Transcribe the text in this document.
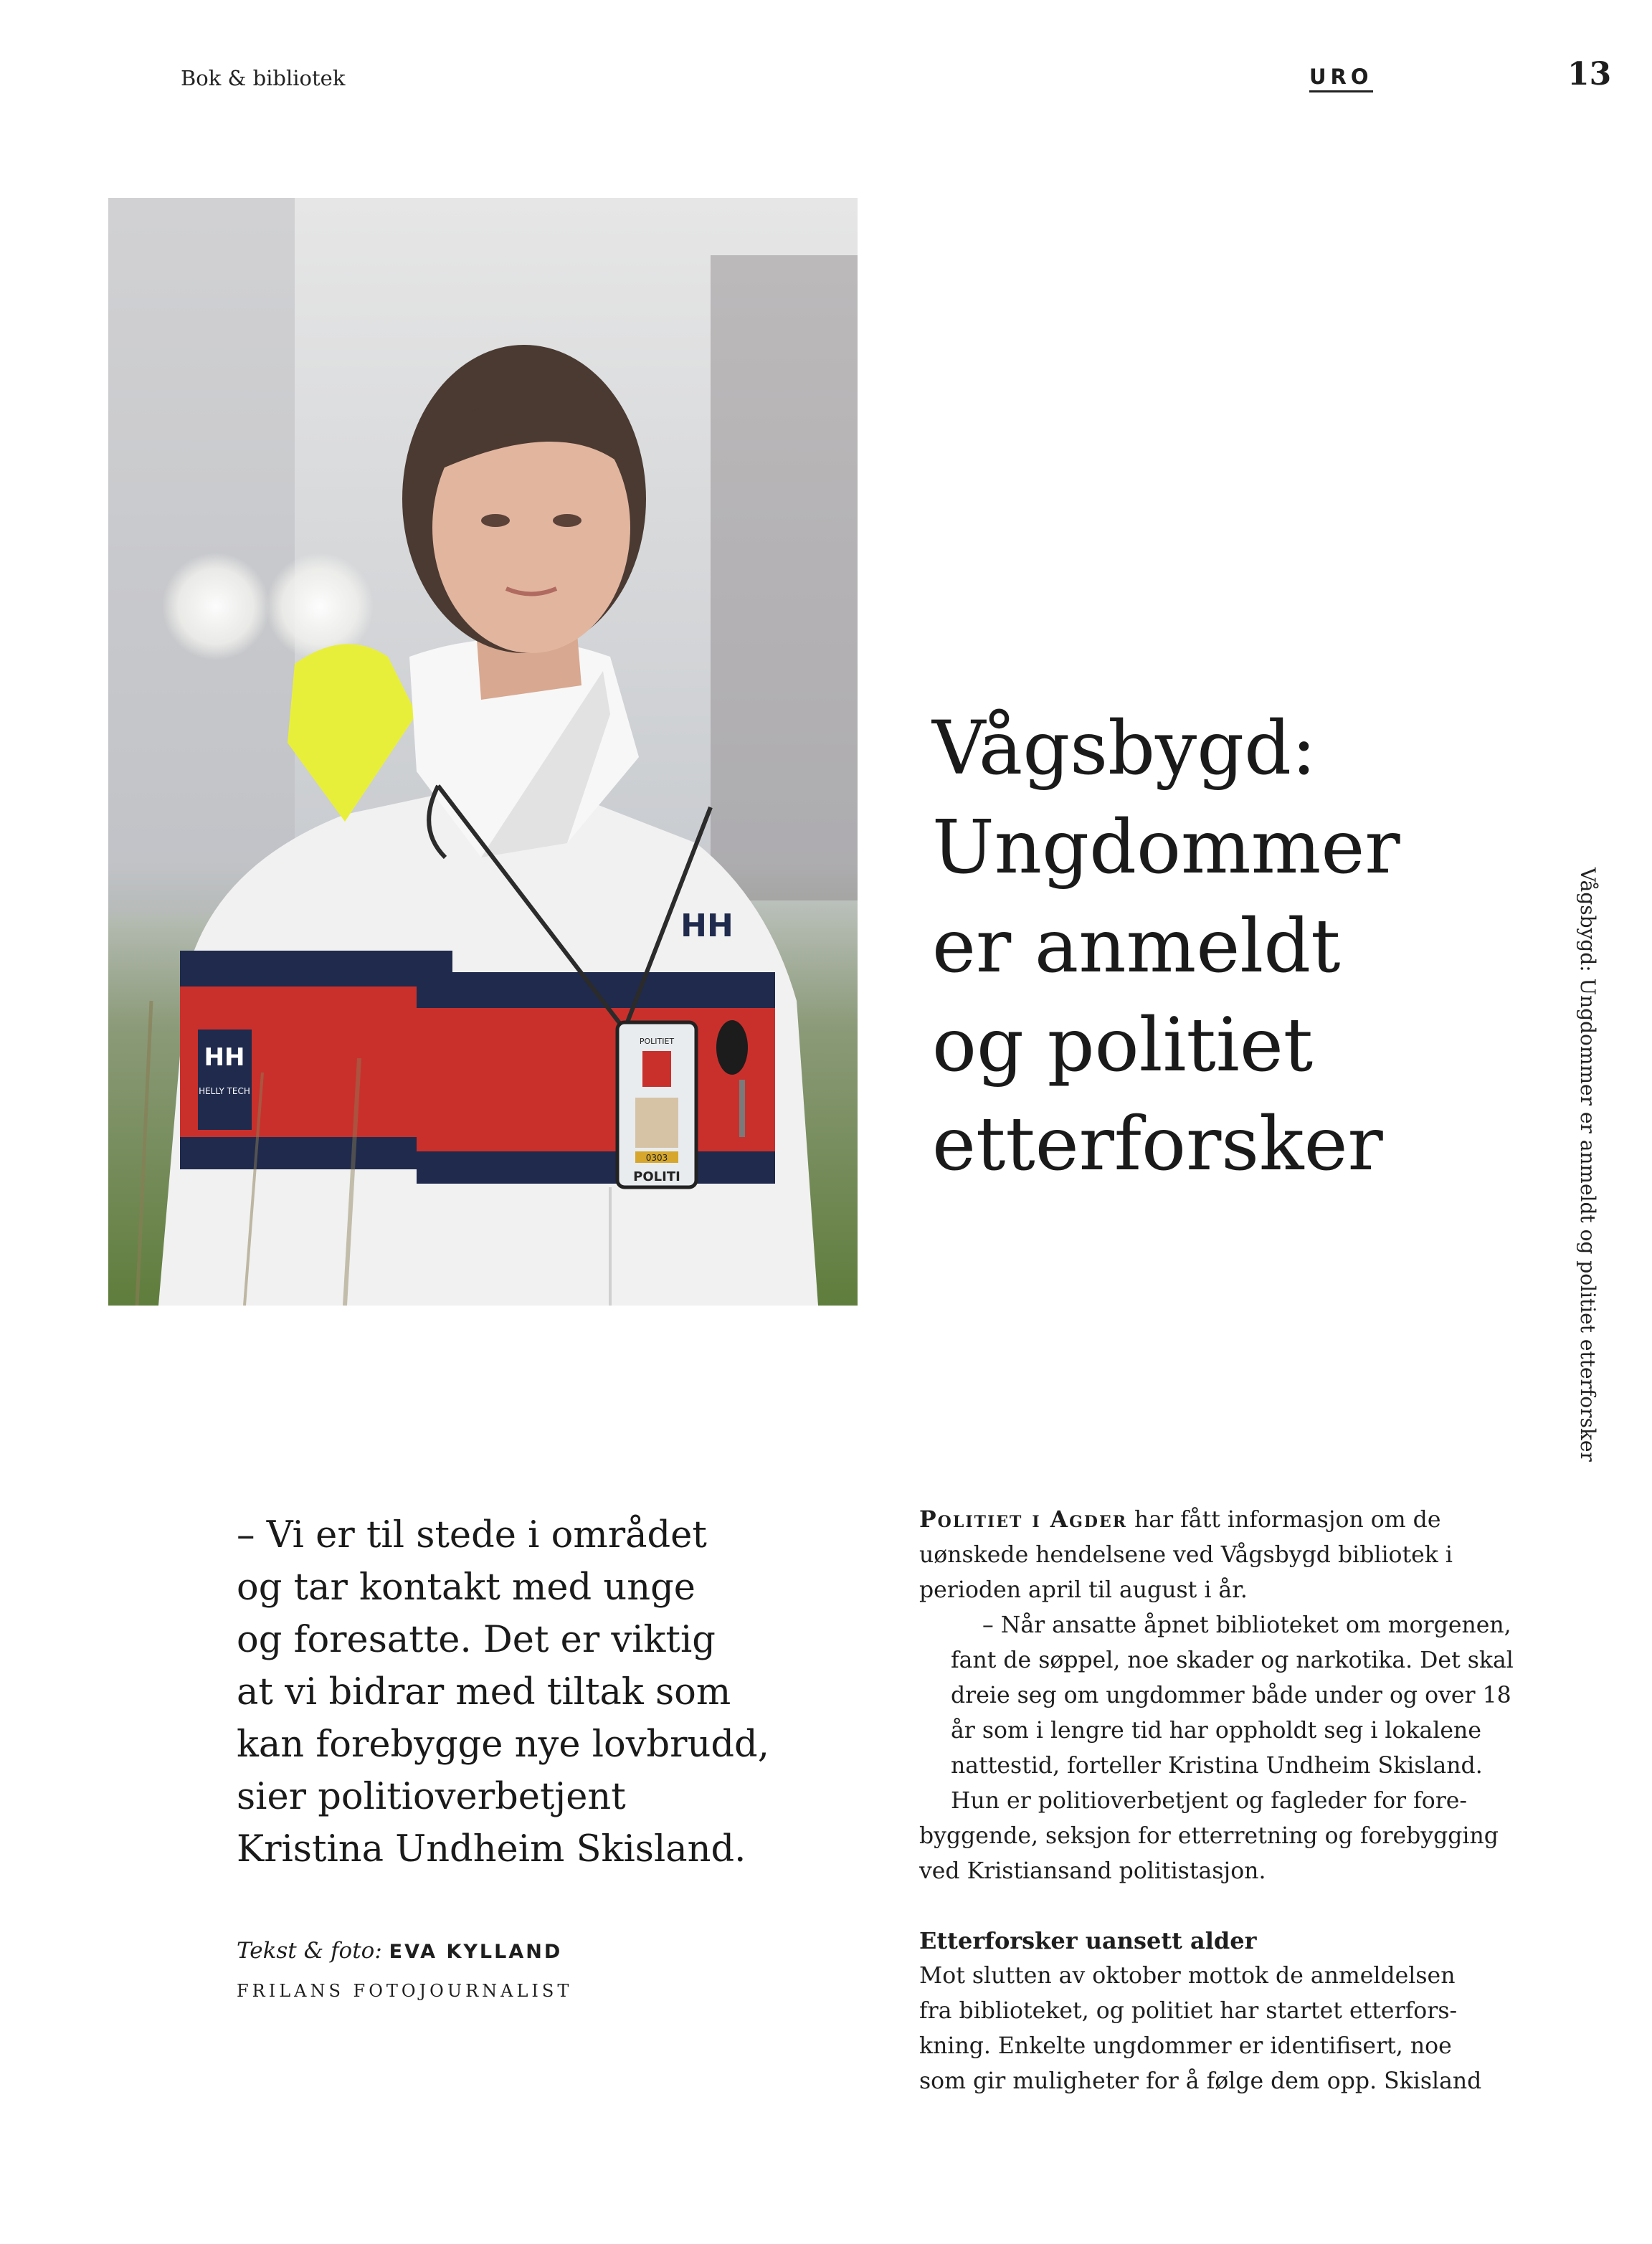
Bok & bibliotek	URO	13
HH
HELLY TECH
HH
POLITIET
0303
POLITI
Vågsbygd:
Ungdommer
er anmeldt
og politiet
etterforsker	Vågsbygd: Ungdommer er anmeldt og politiet etterforsker
– Vi er til stede i området
og tar kontakt med unge
og foresatte. Det er viktig
at vi bidrar med tiltak som
kan forebygge nye lovbrudd,
sier politioverbetjent
Kristina Undheim Skisland.
Tekst & foto: EVA KYLLAND
FRILANS FOTOJOURNALIST

Politiet i Agder har fått informasjon om de
uønskede hendelsene ved Vågsbygd bibliotek i
perioden april til august i år.

– Når ansatte åpnet biblioteket om morgenen,
fant de søppel, noe skader og narkotika. Det skal
dreie seg om ungdommer både under og over 18
år som i lengre tid har oppholdt seg i lokalene
nattestid, forteller Kristina Undheim Skisland.

Hun er politioverbetjent og fagleder for fore-
byggende, seksjon for etterretning og forebygging
ved Kristiansand politistasjon.

Etterforsker uansett alder

Mot slutten av oktober mottok de anmeldelsen
fra biblioteket, og politiet har startet etterfors-
kning. Enkelte ungdommer er identifisert, noe
som gir muligheter for å følge dem opp. Skisland
